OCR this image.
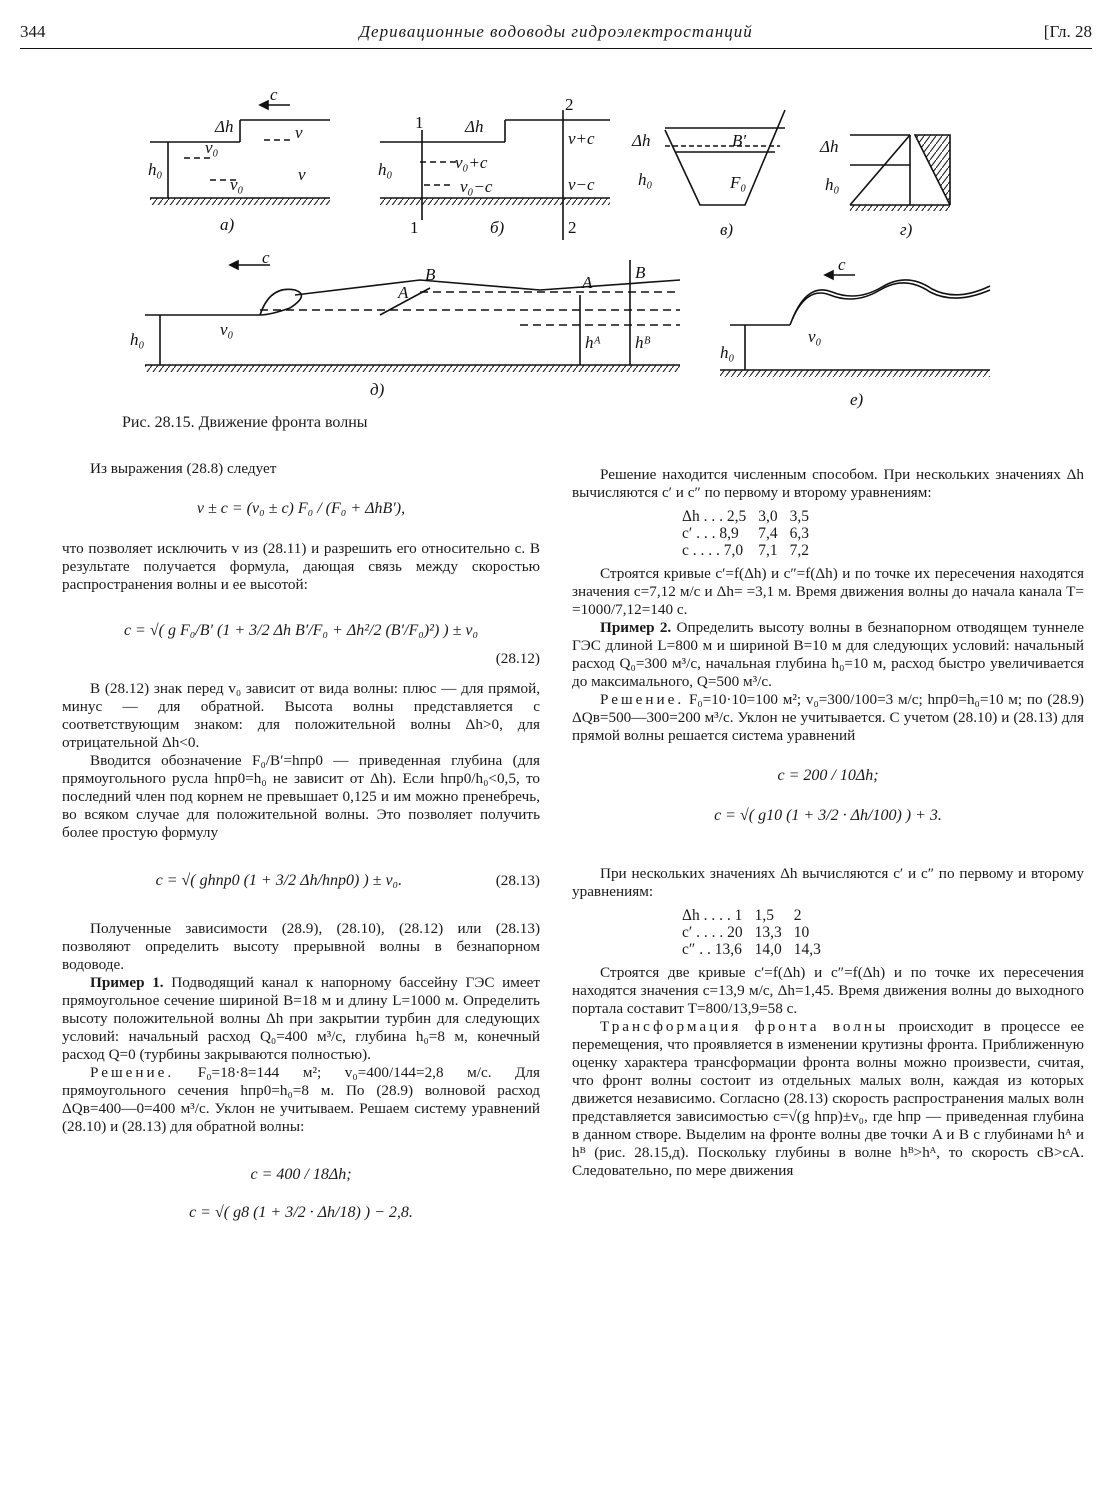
344	Деривационные водоводы гидроэлектростанций	[Гл. 28
c
Δh	v
v₀
h₀
v₀
v
а)
1
2
Δh
v₀+c
v+c
v₀−c	v−c
h₀
1	б)	2
Δh	B′
h₀	F₀
в)
Δh
h₀
г)
c
B
A
A
B
h₀
v₀
hᴬ hᴮ
д)
c
v₀
h₀
е)
Рис. 28.15. Движение фронта волны

Из выражения (28.8) следует

v ± c = (v₀ ± c) F₀ / (F₀ + ΔhB′),

что позволяет исключить v из (28.11) и разрешить его относительно c. В результате получается формула, дающая связь между скоростью распространения волны и ее высотой:

c = √( g F₀/B′ (1 + 3/2 Δh B′/F₀ + Δh²/2 (B′/F₀)²) ) ± v₀
(28.12)

В (28.12) знак перед v₀ зависит от вида волны: плюс — для прямой, минус — для обратной. Высота волны представляется с соответствующим знаком: для положительной волны Δh>0, для отрицательной Δh<0.

Вводится обозначение F₀/B′=hпр0 — приведенная глубина (для прямоугольного русла hпр0=h₀ не зависит от Δh). Если hпр0/h₀<0,5, то последний член под корнем не превышает 0,125 и им можно пренебречь, во всяком случае для положительной волны. Это позволяет получить более простую формулу

c = √( ghпр0 (1 + 3/2 Δh/hпр0) ) ± v₀.	(28.13)

Полученные зависимости (28.9), (28.10), (28.12) или (28.13) позволяют определить высоту прерывной волны в безнапорном водоводе.

Пример 1. Подводящий канал к напорному бассейну ГЭС имеет прямоугольное сечение шириной B=18 м и длину L=1000 м. Определить высоту положительной волны Δh при закрытии турбин для следующих условий: начальный расход Q₀=400 м³/с, глубина h₀=8 м, конечный расход Q=0 (турбины закрываются полностью).

Решение. F₀=18·8=144 м²; v₀=400/144=2,8 м/с. Для прямоугольного сечения hпр0=h₀=8 м. По (28.9) волновой расход ΔQв=400—0=400 м³/с. Уклон не учитываем. Решаем систему уравнений (28.10) и (28.13) для обратной волны:

c = 400 / 18Δh;
c = √( g8 (1 + 3/2 · Δh/18) ) − 2,8.

Решение находится численным способом. При нескольких значениях Δh вычисляются c′ и c″ по первому и второму уравнениям:

Δh . . . 2,5	3,0	3,5
c′ . . . 8,9	7,4	6,3
c . . . . 7,0	7,1	7,2

Строятся кривые c′=f(Δh) и c″=f(Δh) и по точке их пересечения находятся значения c=7,12 м/с и Δh= =3,1 м. Время движения волны до начала канала T= =1000/7,12=140 с.

Пример 2. Определить высоту волны в безнапорном отводящем туннеле ГЭС длиной L=800 м и шириной B=10 м для следующих условий: начальный расход Q₀=300 м³/с, начальная глубина h₀=10 м, расход быстро увеличивается до максимального, Q=500 м³/с.

Решение. F₀=10·10=100 м²; v₀=300/100=3 м/с; hпр0=h₀=10 м; по (28.9) ΔQв=500—300=200 м³/с. Уклон не учитывается. С учетом (28.10) и (28.13) для прямой волны решается система уравнений

c = 200 / 10Δh;
c = √( g10 (1 + 3/2 · Δh/100) ) + 3.

При нескольких значениях Δh вычисляются c′ и c″ по первому и второму уравнениям:

Δh . . . . 1	1,5	2
c′ . . . . 20	13,3	10
c″ . . 13,6	14,0	14,3

Строятся две кривые c′=f(Δh) и c″=f(Δh) и по точке их пересечения находятся значения c=13,9 м/с, Δh=1,45. Время движения волны до выходного портала составит T=800/13,9=58 с.

Трансформация фронта волны происходит в процессе ее перемещения, что проявляется в изменении крутизны фронта. Приближенную оценку характера трансформации фронта волны можно произвести, считая, что фронт волны состоит из отдельных малых волн, каждая из которых движется независимо. Согласно (28.13) скорость распространения малых волн представляется зависимостью c=√(g hпр)±v₀, где hпр — приведенная глубина в данном створе. Выделим на фронте волны две точки A и B с глубинами hᴬ и hᴮ (рис. 28.15,д). Поскольку глубины в волне hᴮ>hᴬ, то скорость cB>cA. Следовательно, по мере движения
